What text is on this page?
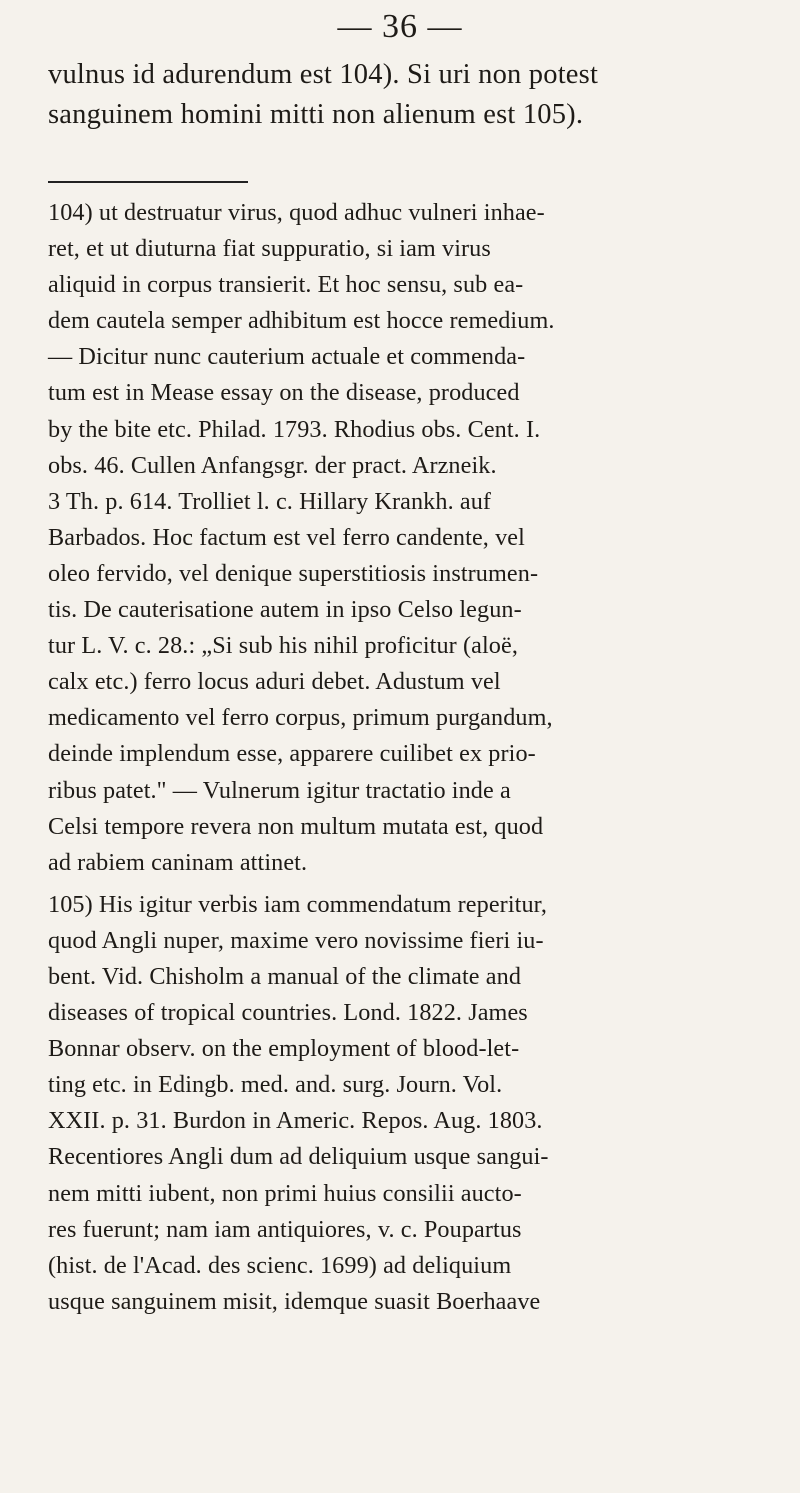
— 36 —
vulnus id adurendum est 104). Si uri non potest
sanguinem homini mitti non alienum est 105).
104) ut destruatur virus, quod adhuc vulneri inhae-
ret, et ut diuturna fiat suppuratio, si iam virus
aliquid in corpus transierit. Et hoc sensu, sub ea-
dem cautela semper adhibitum est hocce remedium.
— Dicitur nunc cauterium actuale et commenda-
tum est in Mease essay on the disease, produced
by the bite etc. Philad. 1793. Rhodius obs. Cent. I.
obs. 46. Cullen Anfangsgr. der pract. Arzneik.
3 Th. p. 614. Trolliet l. c. Hillary Krankh. auf
Barbados. Hoc factum est vel ferro candente, vel
oleo fervido, vel denique superstitiosis instrumen-
tis. De cauterisatione autem in ipso Celso legun-
tur L. V. c. 28.: „Si sub his nihil proficitur (aloë,
calx etc.) ferro locus aduri debet. Adustum vel
medicamento vel ferro corpus, primum purgandum,
deinde implendum esse, apparere cuilibet ex prio-
ribus patet." — Vulnerum igitur tractatio inde a
Celsi tempore revera non multum mutata est, quod
ad rabiem caninam attinet.
105) His igitur verbis iam commendatum reperitur,
quod Angli nuper, maxime vero novissime fieri iu-
bent. Vid. Chisholm a manual of the climate and
diseases of tropical countries. Lond. 1822. James
Bonnar observ. on the employment of blood-let-
ting etc. in Edingb. med. and. surg. Journ. Vol.
XXII. p. 31. Burdon in Americ. Repos. Aug. 1803.
Recentiores Angli dum ad deliquium usque sangui-
nem mitti iubent, non primi huius consilii aucto-
res fuerunt; nam iam antiquiores, v. c. Poupartus
(hist. de l'Acad. des scienc. 1699) ad deliquium
usque sanguinem misit, idemque suasit Boerhaave
